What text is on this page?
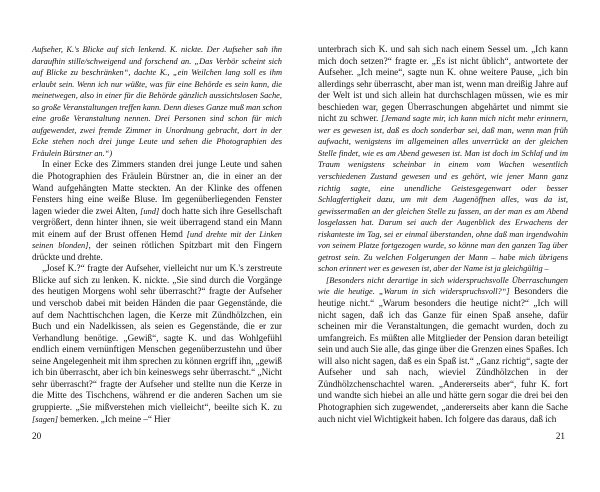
Aufseher, K.'s Blicke auf sich lenkend. K. nickte. Der Aufseher sah ihn daraufhin stille/schweigend und forschend an. „Das Verbör scheint sich auf Blicke zu beschränken“, dachte K., „ein Weilchen lang soll es ihm erlaubt sein. Wenn ich nur wüßte, was für eine Behörde es sein kann, die meinetwegen, also in einer für die Behörde gänzlich aussichtslosen Sache, so große Veranstaltungen treffen kann. Denn dieses Ganze muß man schon eine große Veranstaltung nennen. Drei Personen sind schon für mich aufgewendet, zwei fremde Zimmer in Unordnung gebracht, dort in der Ecke stehen noch drei junge Leute und sehen die Photographien des Fräulein Bürstner an.“)

In einer Ecke des Zimmers standen drei junge Leute und sahen die Photographien des Fräulein Bürstner an, die in einer an der Wand aufgehängten Matte steckten. An der Klinke des offenen Fensters hing eine weiße Bluse. Im gegenüberliegenden Fenster lagen wieder die zwei Alten, [und] doch hatte sich ihre Gesellschaft vergrößert, denn hinter ihnen, sie weit überragend stand ein Mann mit einem auf der Brust offenen Hemd [und drehte mit der Linken seinen blonden], der seinen rötlichen Spitzbart mit den Fingern drückte und drehte.

„Josef K.?“ fragte der Aufseher, vielleicht nur um K.'s zerstreute Blicke auf sich zu lenken. K. nickte. „Sie sind durch die Vorgänge des heutigen Morgens wohl sehr überrascht?“ fragte der Aufseher und verschob dabei mit beiden Händen die paar Gegenstände, die auf dem Nachttischchen lagen, die Kerze mit Zündhölzchen, ein Buch und ein Nadelkissen, als seien es Gegenstände, die er zur Verhandlung benötige. „Gewiß“, sagte K. und das Wohlgefühl endlich einem vernünftigen Menschen gegenüberzustehn und über seine Angelegenheit mit ihm sprechen zu können ergriff ihn, „gewiß ich bin überrascht, aber ich bin keineswegs sehr überrascht.“ „Nicht sehr überrascht?“ fragte der Aufseher und stellte nun die Kerze in die Mitte des Tischchens, während er die anderen Sachen um sie gruppierte. „Sie mißverstehen mich vielleicht“, beeilte sich K. zu [sagen] bemerken. „Ich meine –“ Hier

20

unterbrach sich K. und sah sich nach einem Sessel um. „Ich kann mich doch setzen?“ fragte er. „Es ist nicht üblich“, antwortete der Aufseher. „Ich meine“, sagte nun K. ohne weitere Pause, „ich bin allerdings sehr überrascht, aber man ist, wenn man dreißig Jahre auf der Welt ist und sich allein hat durchschlagen müssen, wie es mir beschieden war, gegen Überraschungen abgehärtet und nimmt sie nicht zu schwer. [Jemand sagte mir, ich kann mich nicht mehr erinnern, wer es gewesen ist, daß es doch sonderbar sei, daß man, wenn man früh aufwacht, wenigstens im allgemeinen alles unverrückt an der gleichen Stelle findet, wie es am Abend gewesen ist. Man ist doch im Schlaf und im Traum wenigstens scheinbar in einem vom Wachen wesentlich verschiedenen Zustand gewesen und es gehört, wie jener Mann ganz richtig sagte, eine unendliche Geistesgegenwart oder besser Schlagfertigkeit dazu, um mit dem Augenöffnen alles, was da ist, gewissermaßen an der gleichen Stelle zu fassen, an der man es am Abend losgelassen hat. Darum sei auch der Augenblick des Erwachens der riskanteste im Tag, sei er einmal überstanden, ohne daß man irgendwohin von seinem Platze fortgezogen wurde, so könne man den ganzen Tag über getrost sein. Zu welchen Folgerungen der Mann – habe mich übrigens schon erinnert wer es gewesen ist, aber der Name ist ja gleichgültig –

[Besonders nicht derartige in sich widerspruchsvolle Überraschungen wie die heutige. „Warum in sich widerspruchsvoll?“] Besonders die heutige nicht.“ „Warum besonders die heutige nicht?“ „Ich will nicht sagen, daß ich das Ganze für einen Spaß ansehe, dafür scheinen mir die Veranstaltungen, die gemacht wurden, doch zu umfangreich. Es müßten alle Mitglieder der Pension daran beteiligt sein und auch Sie alle, das ginge über die Grenzen eines Spaßes. Ich will also nicht sagen, daß es ein Spaß ist.“ „Ganz richtig“, sagte der Aufseher und sah nach, wieviel Zündhölzchen in der Zündhölzchenschachtel waren. „Andererseits aber“, fuhr K. fort und wandte sich hiebei an alle und hätte gern sogar die drei bei den Photographien sich zugewendet, „andererseits aber kann die Sache auch nicht viel Wichtigkeit haben. Ich folgere das daraus, daß ich

21
